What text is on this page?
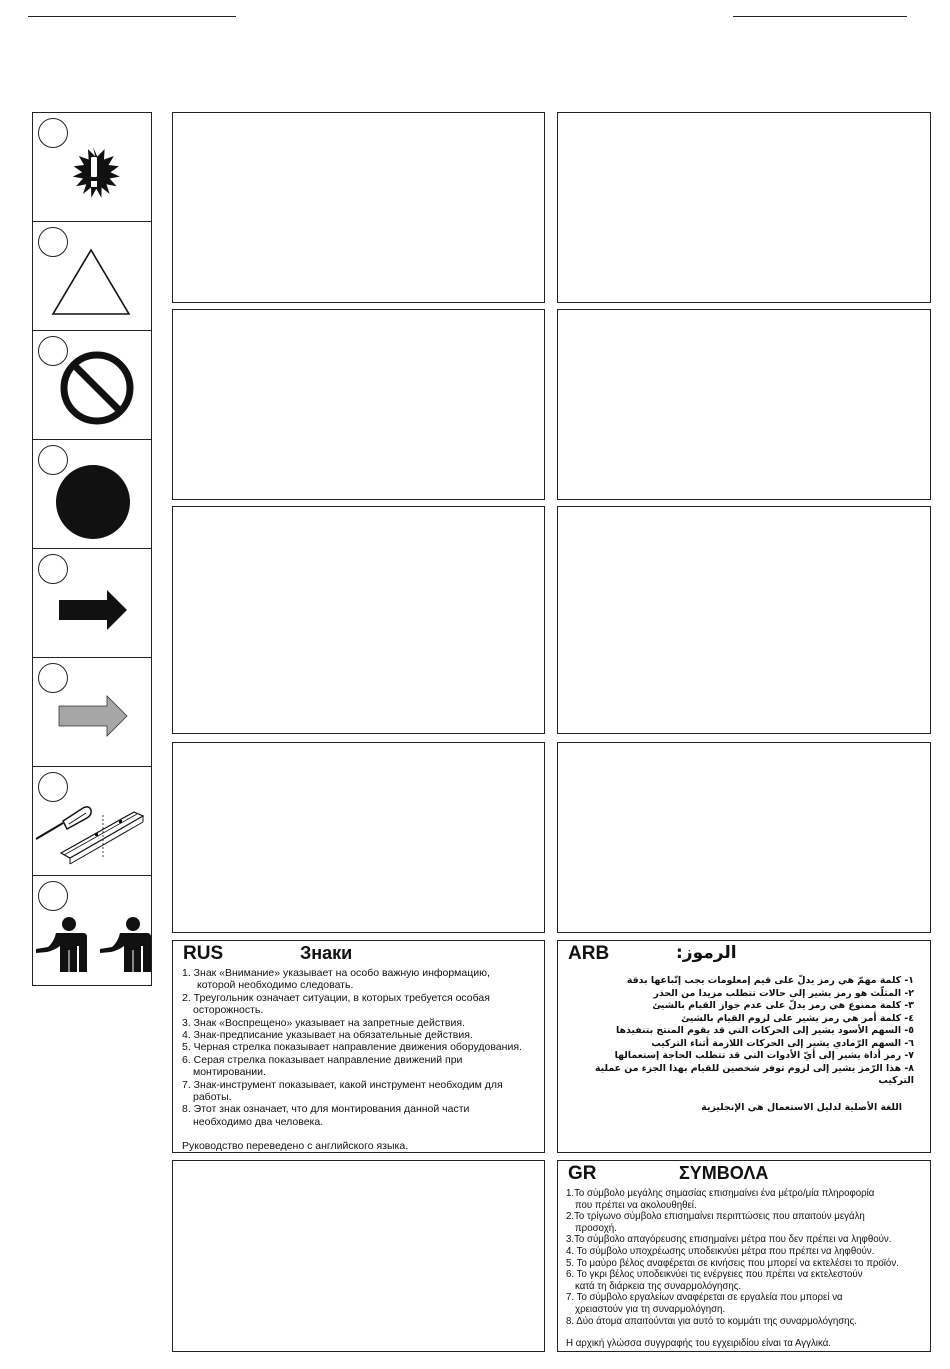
RUS	Знаки
1. Знак «Внимание» указывает на особо важную информацию,
которой необходимо следовать.
2. Треугольник означает ситуации, в которых требуется особая
осторожность.
3. Знак «Воспрещено» указывает на запретные действия.
4. Знак-предписание указывает на обязательные действия.
5. Черная стрелка показывает направление движения оборудования.
6. Серая стрелка показывает направление движений при
монтировании.
7. Знак-инструмент показывает, какой инструмент необходим для
работы.
8. Этот знак означает, что для монтирования данной части
необходимо два человека.
Руководство переведено с английского языка.
ARB	الرموز:
١- كلمة مهمّ هي رمز يدلّ على قيم إمعلومات يجب إتّباعها بدقة
٢- المثلّث هو رمز يشير إلى حالات تتطلب مزيدا من الحذر
٣- كلمة ممنوع هي رمز يدلّ على عدم جواز القيام بالشيئ
٤- كلمة أمر هي رمز يشير على لزوم القيام بالشيئ
٥- السهم الأسود يشير إلى الحركات التي قد يقوم المنتج بتنفيذها
٦- السهم الرّمادي يشير إلى الحركات اللازمة أثناء التركيب
٧- رمز أداة يشير إلى أيّ الأدوات التي قد تتطلب الحاجة إستعمالها
٨- هذا الرّمز يشير إلى لزوم توفر شخصين للقيام بهذا الجزء من عملية التركيب
اللغة الأصلية لدليل الاستعمال هي الإنجليزية
GR	ΣΥΜΒΟΛΑ
1.Το σύμβολο μεγάλης σημασίας επισημαίνει ένα μέτρο/μία πληροφορία
που πρέπει να ακολουθηθεί.
2.Το τρίγωνο σύμβολο επισημαίνει περιπτώσεις που απαιτούν μεγάλη
προσοχή.
3.Το σύμβολο απαγόρευσης επισημαίνει μέτρα που δεν πρέπει να ληφθούν.
4. Το σύμβολο υποχρέωσης υποδεικνύει μέτρα που πρέπει να ληφθούν.
5. Το μαύρο βέλος αναφέρεται σε κινήσεις που μπορεί να εκτελέσει το προϊόν.
6. Το γκρι βέλος υποδεικνύει τις ενέργειες που πρέπει να εκτελεστούν
κατά τη διάρκεια της συναρμολόγησης.
7. Το σύμβολο εργαλείων αναφέρεται σε εργαλεία που μπορεί να
χρειαστούν για τη συναρμολόγηση.
8. Δύο άτομα απαιτούνται για αυτό το κομμάτι της συναρμολόγησης.
Η αρχική γλώσσα συγγραφής του εγχειριδίου είναι τα Αγγλικά.
